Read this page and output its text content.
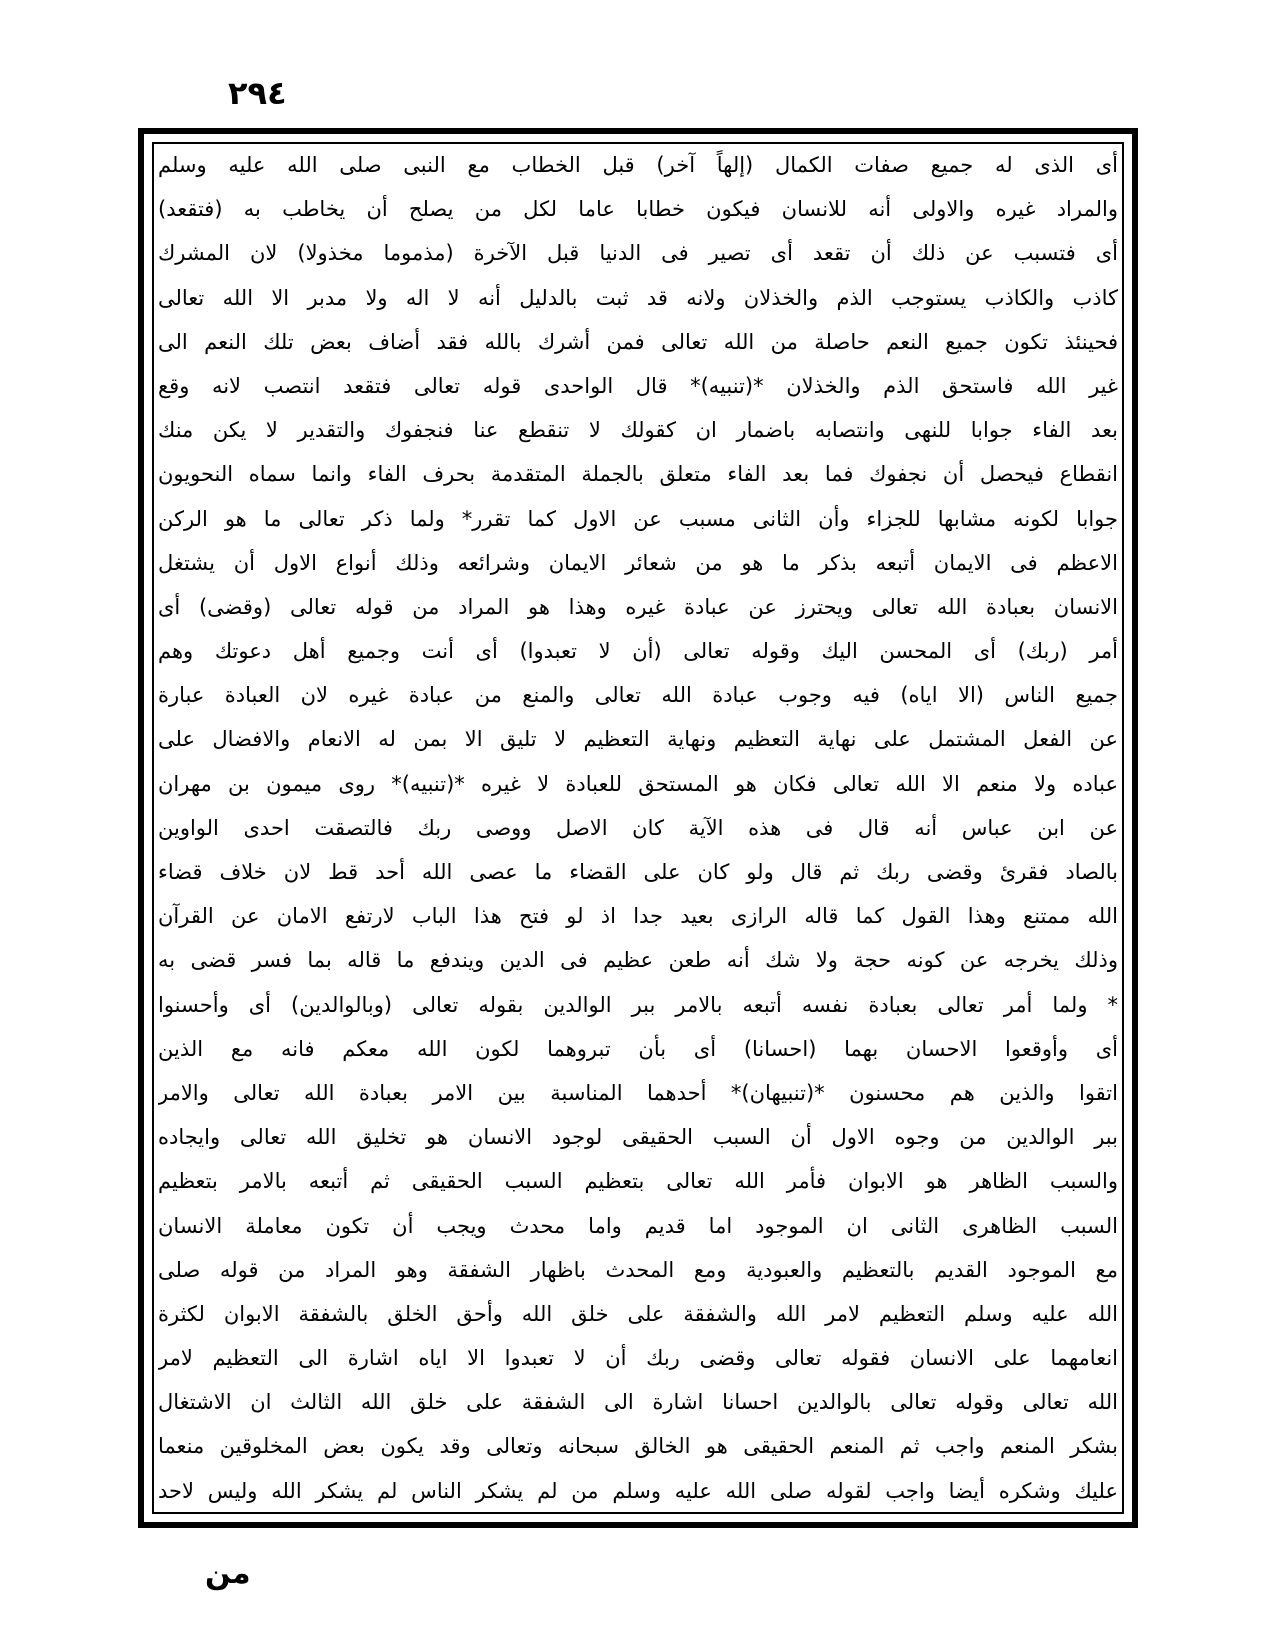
٢٩٤
أى الذى له جميع صفات الكمال (إلهاً آخر) قبل الخطاب مع النبى صلى الله عليه وسلم
والمراد غيره والاولى أنه للانسان فيكون خطابا عاما لكل من يصلح أن يخاطب به (فتقعد)
أى فتسبب عن ذلك أن تقعد أى تصير فى الدنيا قبل الآخرة (مذموما مخذولا) لان المشرك
كاذب والكاذب يستوجب الذم والخذلان ولانه قد ثبت بالدليل أنه لا اله ولا مدبر الا الله تعالى
فحينئذ تكون جميع النعم حاصلة من الله تعالى فمن أشرك بالله فقد أضاف بعض تلك النعم الى
غير الله فاستحق الذم والخذلان *(تنبيه)* قال الواحدى قوله تعالى فتقعد انتصب لانه وقع
بعد الفاء جوابا للنهى وانتصابه باضمار ان كقولك لا تنقطع عنا فنجفوك والتقدير لا يكن منك
انقطاع فيحصل أن نجفوك فما بعد الفاء متعلق بالجملة المتقدمة بحرف الفاء وانما سماه النحويون
جوابا لكونه مشابها للجزاء وأن الثانى مسبب عن الاول كما تقرر* ولما ذكر تعالى ما هو الركن
الاعظم فى الايمان أتبعه بذكر ما هو من شعائر الايمان وشرائعه وذلك أنواع الاول أن يشتغل
الانسان بعبادة الله تعالى ويحترز عن عبادة غيره وهذا هو المراد من قوله تعالى (وقضى) أى
أمر (ربك) أى المحسن اليك وقوله تعالى (أن لا تعبدوا) أى أنت وجميع أهل دعوتك وهم
جميع الناس (الا اياه) فيه وجوب عبادة الله تعالى والمنع من عبادة غيره لان العبادة عبارة
عن الفعل المشتمل على نهاية التعظيم ونهاية التعظيم لا تليق الا بمن له الانعام والافضال على
عباده ولا منعم الا الله تعالى فكان هو المستحق للعبادة لا غيره *(تنبيه)* روى ميمون بن مهران
عن ابن عباس أنه قال فى هذه الآية كان الاصل ووصى ربك فالتصقت احدى الواوين
بالصاد فقرئ وقضى ربك ثم قال ولو كان على القضاء ما عصى الله أحد قط لان خلاف قضاء
الله ممتنع وهذا القول كما قاله الرازى بعيد جدا اذ لو فتح هذا الباب لارتفع الامان عن القرآن
وذلك يخرجه عن كونه حجة ولا شك أنه طعن عظيم فى الدين ويندفع ما قاله بما فسر قضى به
* ولما أمر تعالى بعبادة نفسه أتبعه بالامر ببر الوالدين بقوله تعالى (وبالوالدين) أى وأحسنوا
أى وأوقعوا الاحسان بهما (احسانا) أى بأن تبروهما لكون الله معكم فانه مع الذين
اتقوا والذين هم محسنون *(تنبيهان)* أحدهما المناسبة بين الامر بعبادة الله تعالى والامر
ببر الوالدين من وجوه الاول أن السبب الحقيقى لوجود الانسان هو تخليق الله تعالى وايجاده
والسبب الظاهر هو الابوان فأمر الله تعالى بتعظيم السبب الحقيقى ثم أتبعه بالامر بتعظيم
السبب الظاهرى الثانى ان الموجود اما قديم واما محدث ويجب أن تكون معاملة الانسان
مع الموجود القديم بالتعظيم والعبودية ومع المحدث باظهار الشفقة وهو المراد من قوله صلى
الله عليه وسلم التعظيم لامر الله والشفقة على خلق الله وأحق الخلق بالشفقة الابوان لكثرة
انعامهما على الانسان فقوله تعالى وقضى ربك أن لا تعبدوا الا اياه اشارة الى التعظيم لامر
الله تعالى وقوله تعالى بالوالدين احسانا اشارة الى الشفقة على خلق الله الثالث ان الاشتغال
بشكر المنعم واجب ثم المنعم الحقيقى هو الخالق سبحانه وتعالى وقد يكون بعض المخلوقين منعما
عليك وشكره أيضا واجب لقوله صلى الله عليه وسلم من لم يشكر الناس لم يشكر الله وليس لاحد
من
